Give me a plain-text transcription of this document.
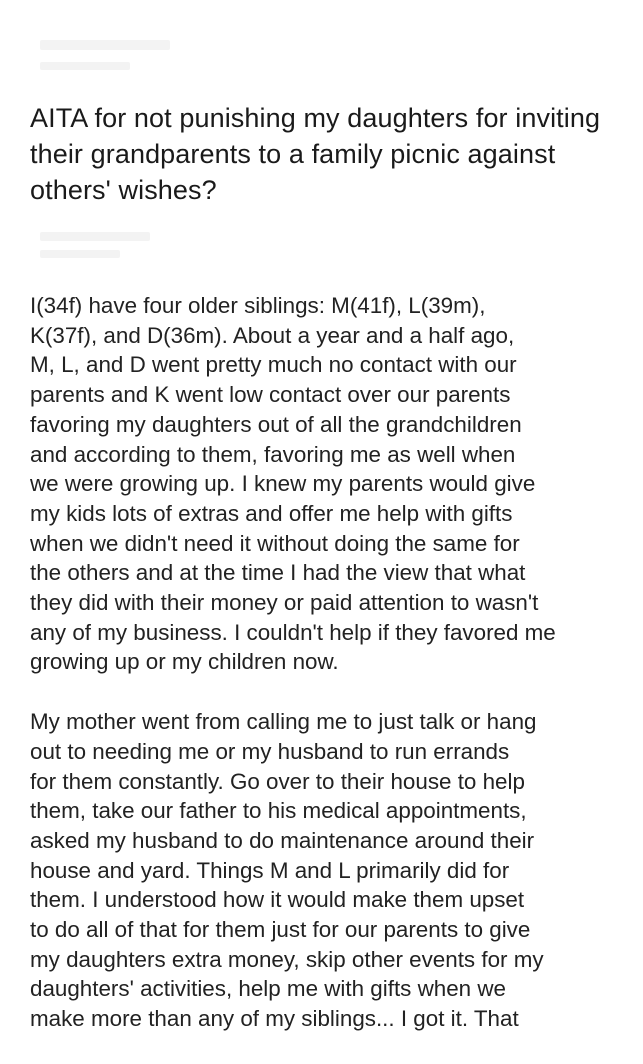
AITA for not punishing my daughters for inviting their grandparents to a family picnic against others' wishes?

I(34f) have four older siblings: M(41f), L(39m),
K(37f), and D(36m). About a year and a half ago,
M, L, and D went pretty much no contact with our
parents and K went low contact over our parents
favoring my daughters out of all the grandchildren
and according to them, favoring me as well when
we were growing up. I knew my parents would give
my kids lots of extras and offer me help with gifts
when we didn't need it without doing the same for
the others and at the time I had the view that what
they did with their money or paid attention to wasn't
any of my business. I couldn't help if they favored me
growing up or my children now.

My mother went from calling me to just talk or hang
out to needing me or my husband to run errands
for them constantly. Go over to their house to help
them, take our father to his medical appointments,
asked my husband to do maintenance around their
house and yard. Things M and L primarily did for
them. I understood how it would make them upset
to do all of that for them just for our parents to give
my daughters extra money, skip other events for my
daughters' activities, help me with gifts when we
make more than any of my siblings... I got it. That
